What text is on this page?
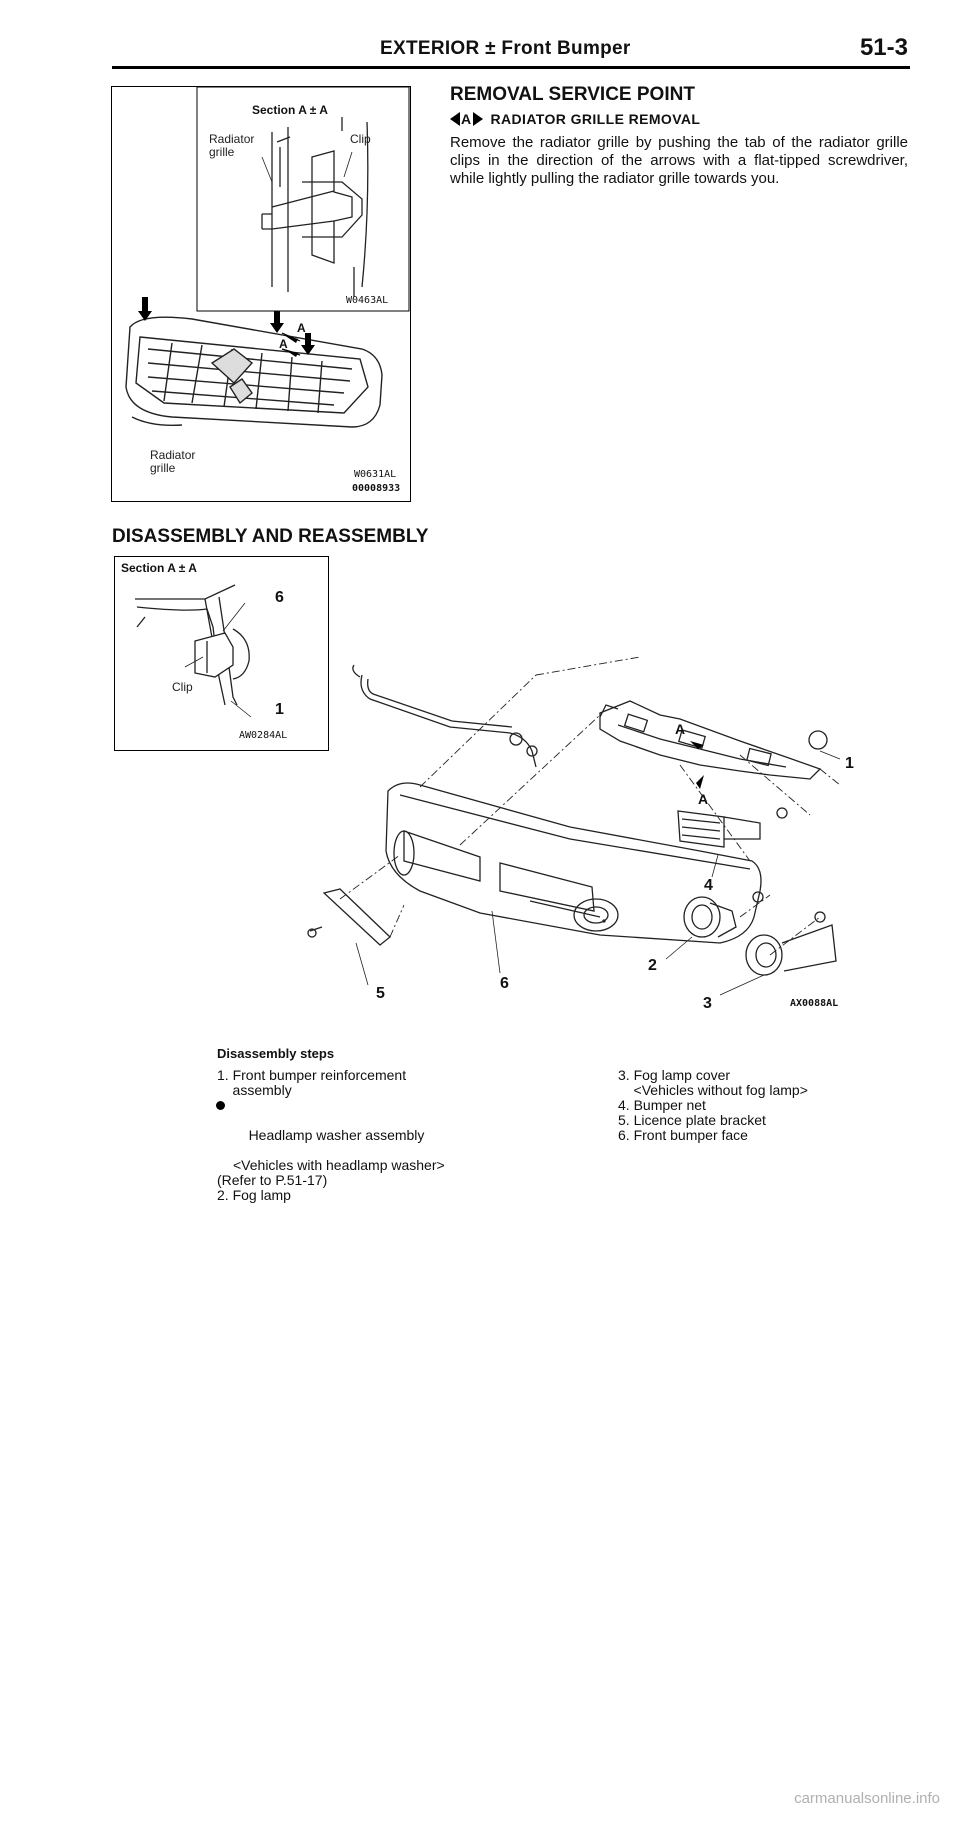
EXTERIOR ± Front Bumper	51-3
Section A ± A
Radiator
grille
Clip
W0463AL
A
A
Radiator
grille	W0631AL
00008933
REMOVAL SERVICE POINT
A RADIATOR GRILLE REMOVAL
Remove the radiator grille by pushing the tab of the radiator grille clips in the direction of the arrows with a flat-tipped screwdriver, while lightly pulling the radiator grille towards you.
DISASSEMBLY AND REASSEMBLY
Section A ± A
6
Clip
1
AW0284AL
1
A
A
4
2
3
5
6
AX0088AL
Disassembly steps
1. Front bumper reinforcement
assembly

Headlamp washer assembly

<Vehicles with headlamp washer>
(Refer to P.51-17)
2. Fog lamp
3. Fog lamp cover
<Vehicles without fog lamp>
4. Bumper net
5. Licence plate bracket
6. Front bumper face
carmanualsonline.info
